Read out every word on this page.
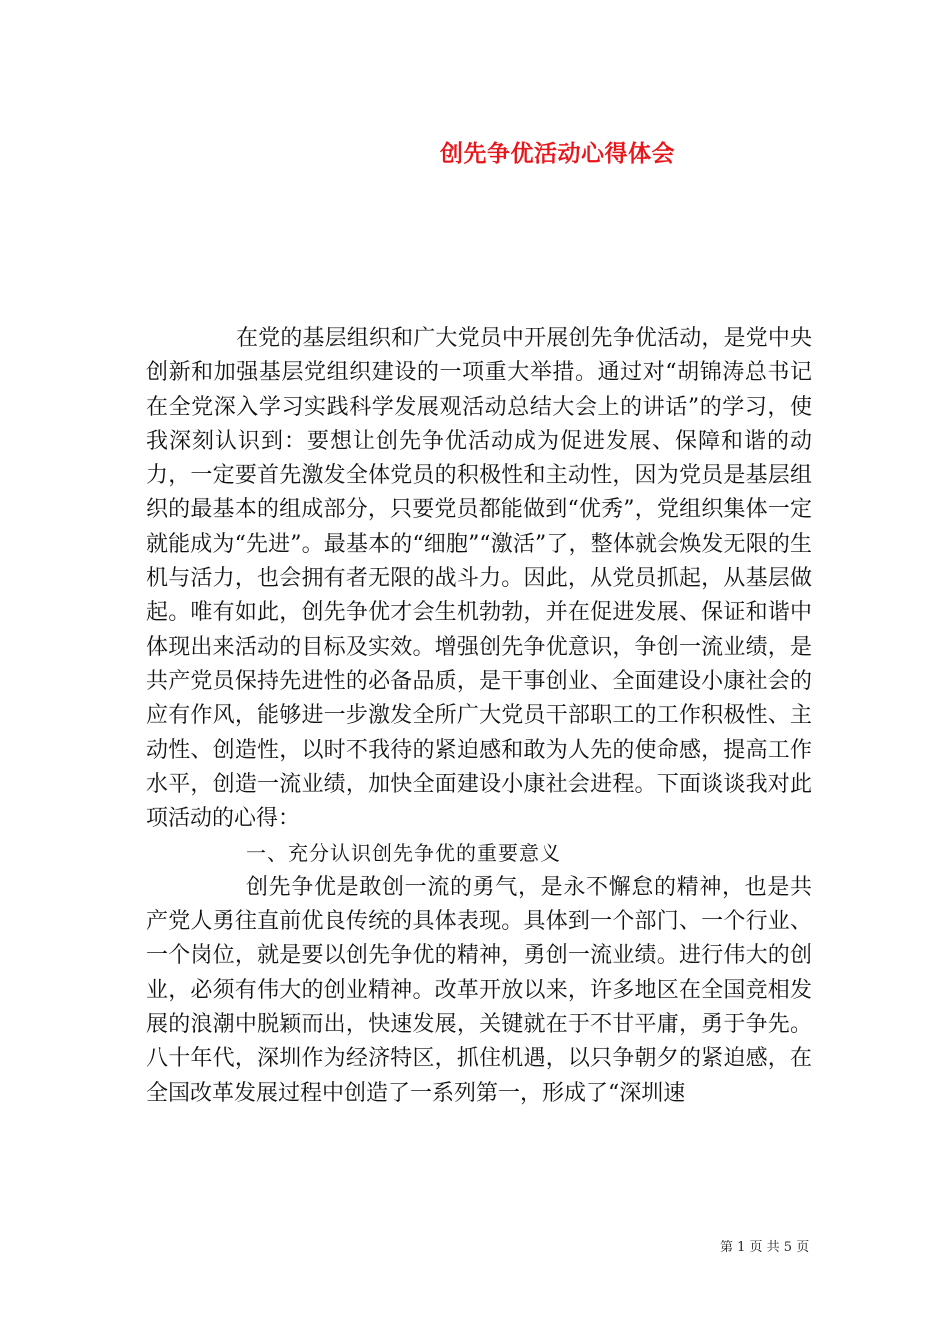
创先争优活动心得体会

在党的基层组织和广大党员中开展创先争优活动，是党中央创新和加强基层党组织建设的一项重大举措。通过对“胡锦涛总书记在全党深入学习实践科学发展观活动总结大会上的讲话”的学习，使我深刻认识到：要想让创先争优活动成为促进发展、保障和谐的动力，一定要首先激发全体党员的积极性和主动性，因为党员是基层组织的最基本的组成部分，只要党员都能做到“优秀”，党组织集体一定就能成为“先进”。最基本的“细胞”“激活”了，整体就会焕发无限的生机与活力，也会拥有者无限的战斗力。因此，从党员抓起，从基层做起。唯有如此，创先争优才会生机勃勃，并在促进发展、保证和谐中体现出来活动的目标及实效。增强创先争优意识，争创一流业绩，是共产党员保持先进性的必备品质，是干事创业、全面建设小康社会的应有作风，能够进一步激发全所广大党员干部职工的工作积极性、主动性、创造性，以时不我待的紧迫感和敢为人先的使命感，提高工作水平，创造一流业绩，加快全面建设小康社会进程。下面谈谈我对此项活动的心得：

一、充分认识创先争优的重要意义

创先争优是敢创一流的勇气，是永不懈怠的精神，也是共产党人勇往直前优良传统的具体表现。具体到一个部门、一个行业、一个岗位，就是要以创先争优的精神，勇创一流业绩。进行伟大的创业，必须有伟大的创业精神。改革开放以来，许多地区在全国竞相发展的浪潮中脱颖而出，快速发展，关键就在于不甘平庸，勇于争先。八十年代，深圳作为经济特区，抓住机遇，以只争朝夕的紧迫感，在全国改革发展过程中创造了一系列第一，形成了“深圳速

第 1 页 共 5 页
